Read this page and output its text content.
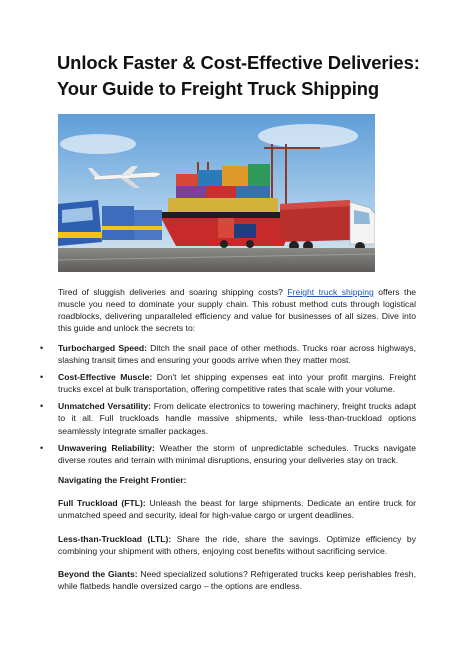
Unlock Faster & Cost-Effective Deliveries:
Your Guide to Freight Truck Shipping

Tired of sluggish deliveries and soaring shipping costs? Freight truck shipping offers the muscle you need to dominate your supply chain. This robust method cuts through logistical roadblocks, delivering unparalleled efficiency and value for businesses of all sizes. Dive into this guide and unlock the secrets to:

• Turbocharged Speed: Ditch the snail pace of other methods. Trucks roar across highways, slashing transit times and ensuring your goods arrive when they matter most.
• Cost-Effective Muscle: Don't let shipping expenses eat into your profit margins. Freight trucks excel at bulk transportation, offering competitive rates that scale with your volume.
• Unmatched Versatility: From delicate electronics to towering machinery, freight trucks adapt to it all. Full truckloads handle massive shipments, while less-than-truckload options seamlessly integrate smaller packages.
• Unwavering Reliability: Weather the storm of unpredictable schedules. Trucks navigate diverse routes and terrain with minimal disruptions, ensuring your deliveries stay on track.

Navigating the Freight Frontier:

Full Truckload (FTL): Unleash the beast for large shipments. Dedicate an entire truck for unmatched speed and security, ideal for high-value cargo or urgent deadlines.

Less-than-Truckload (LTL): Share the ride, share the savings. Optimize efficiency by combining your shipment with others, enjoying cost benefits without sacrificing service.

Beyond the Giants: Need specialized solutions? Refrigerated trucks keep perishables fresh, while flatbeds handle oversized cargo – the options are endless.
